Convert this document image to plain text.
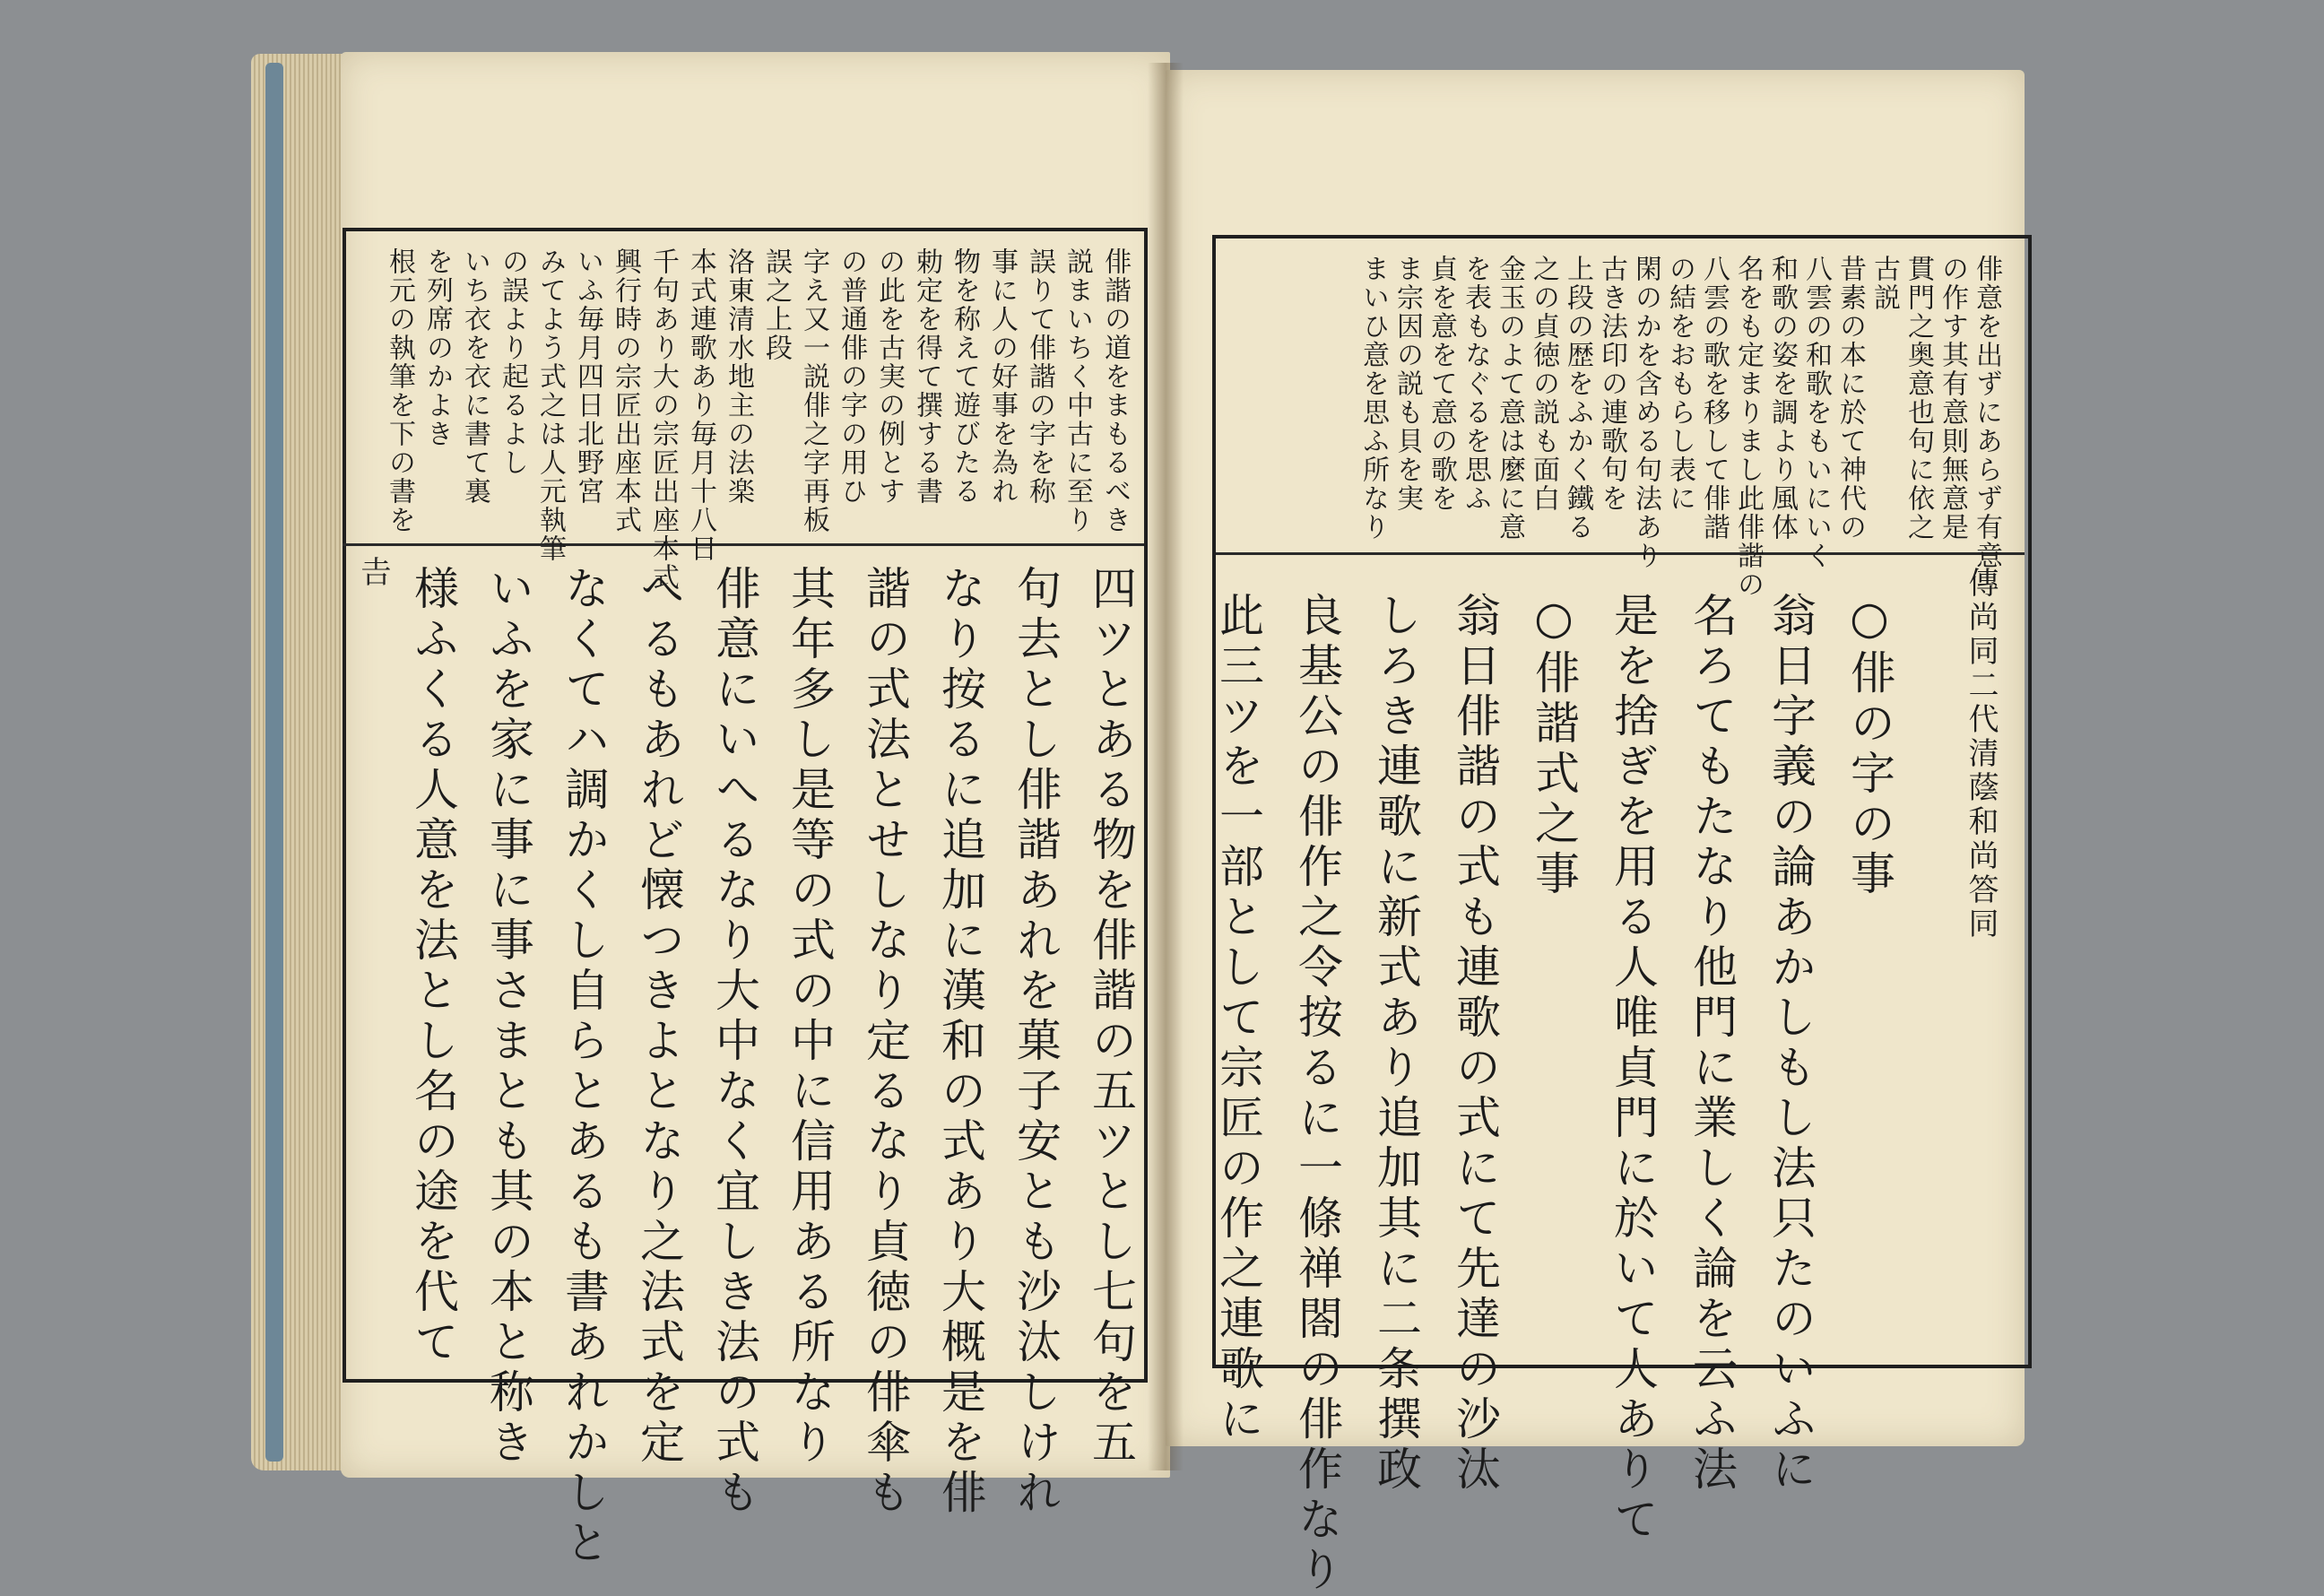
𠮷
俳諧の道をまもるべき
説まいちく中古に至り
誤りて俳諧の字を称
事に人の好事を為れ
物を称えて遊びたる
勅定を得て撰する書
の此を古実の例とす
の普通俳の字の用ひ
字え又一説俳之字再板
誤之上段
洛東清水地主の法楽
本式連歌あり毎月十八日
千句あり大の宗匠出座本式
興行時の宗匠出座本式
いふ毎月四日北野宮
みてよう式之は人元執筆
の誤より起るよし
いち衣を衣に書て裏
を列席のかよき
根元の執筆を下の書を
四ツとある物を俳諧の五ツとし七句を五
句去とし俳諧あれを菓子安とも沙汰しけれ
なり按るに追加に漢和の式あり大概是を俳
諧の式法とせしなり定るなり貞徳の俳傘も
其年多し是等の式の中に信用ある所なり
俳意にいへるなり大中なく宜しき法の式も
へるもあれど懐つきよとなり之法式を定
なくてハ調かくし自らとあるも書あれかしと
いふを家に事に事さまとも其の本と称き
様ふくる人意を法とし名の途を代て
俳意を出ずにあらず有意
の作す其有意則無意是
貫門之奥意也句に依之
古説
昔素の本に於て神代の
八雲の和歌をもいにいく
和歌の姿を調より風体
名をも定まりまし此俳諧の
八雲の歌を移して俳諧
の結をおもらし表に
閑のかを含める句法あり
古き法印の連歌句を
上段の歴をふかく鐵る
之の貞徳の説も面白
金玉のよて意は麼に意
を表もなぐるを思ふ
貞を意をて意の歌を
ま宗因の説も貝を実
まいひ意を思ふ所なり
傳尚同二代清蔭和尚答同
○俳の字の事
翁日字義の論あかしもし法只たのいふに
名ろてもたなり他門に業しく論を云ふ法
是を捨ぎを用る人唯貞門に於いて人ありて
○俳諧式之事
翁日俳諧の式も連歌の式にて先達の沙汰
しろき連歌に新式あり追加其に二条撰政
良基公の俳作之令按るに一條禅閤の俳作なり
此三ツを一部として宗匠の作之連歌に
